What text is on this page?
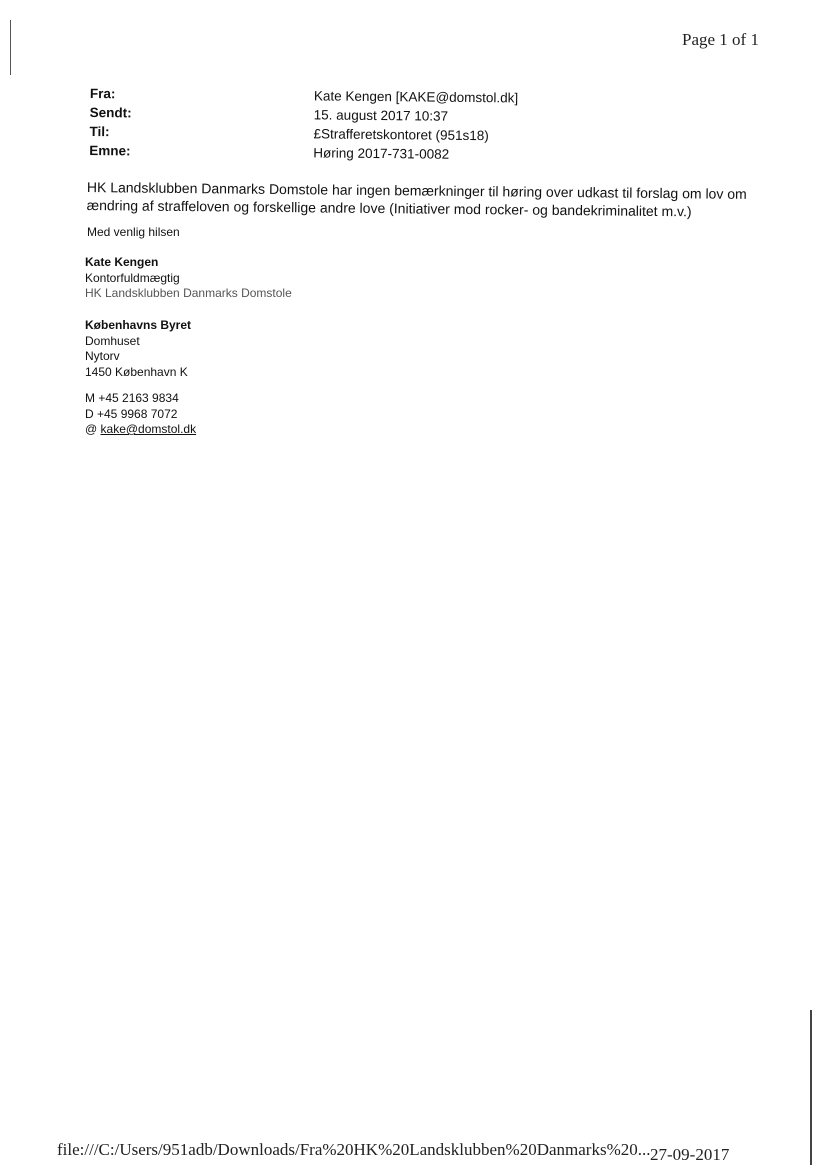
Page 1 of 1
Fra:	Kate Kengen [KAKE@domstol.dk]
Sendt:	15. august 2017 10:37
Til:	£Strafferetskontoret (951s18)
Emne:	Høring 2017-731-0082
HK Landsklubben Danmarks Domstole har ingen bemærkninger til høring over udkast til forslag om lov om ændring af straffeloven og forskellige andre love (Initiativer mod rocker- og bandekriminalitet m.v.)
Med venlig hilsen
Kate Kengen
Kontorfuldmægtig
HK Landsklubben Danmarks Domstole
Københavns Byret
Domhuset
Nytorv
1450 København K
M +45 2163 9834
D +45 9968 7072
@ kake@domstol.dk
file:///C:/Users/951adb/Downloads/Fra%20HK%20Landsklubben%20Danmarks%20... 27-09-2017
